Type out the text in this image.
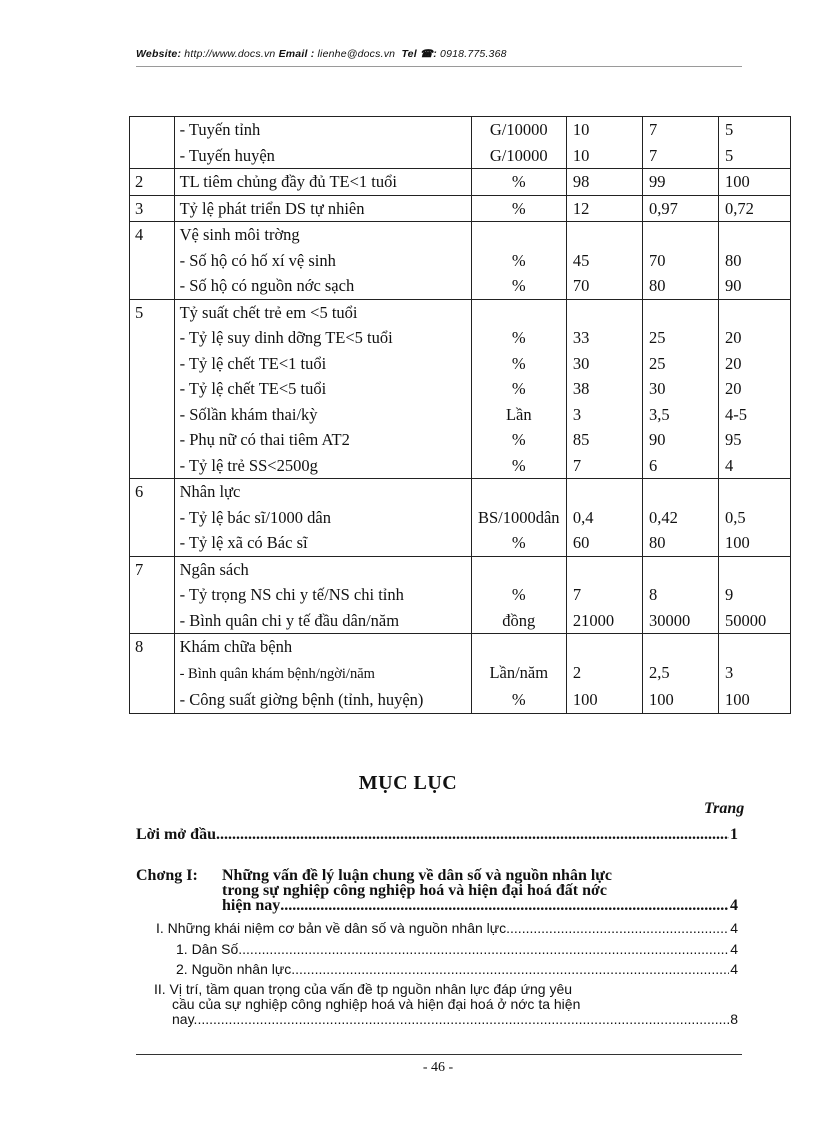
Website: http://www.docs.vn Email : lienhe@docs.vn Tel ☎: 0918.775.368
	- Tuyến tỉnh	G/10000	10	7	5
	- Tuyến huyện	G/10000	10	7	5
2	TL tiêm chủng đầy đủ TE<1 tuổi	%	98	99	100
3	Tỷ lệ phát triển DS tự nhiên	%	12	0,97	0,72
4	Vệ sinh môi trờng				
	- Số hộ có hố xí vệ sinh	%	45	70	80
	- Số hộ có nguồn nớc sạch	%	70	80	90
5	Tỷ suất chết trẻ em <5 tuổi				
	- Tỷ lệ suy dinh dỡng TE<5 tuổi	%	33	25	20
	- Tỷ lệ chết TE<1 tuổi	%	30	25	20
	- Tỷ lệ chết TE<5 tuổi	%	38	30	20
	- Sốlần khám thai/kỳ	Lần	3	3,5	4-5
	- Phụ nữ có thai tiêm AT2	%	85	90	95
	- Tỷ lệ trẻ SS<2500g	%	7	6	4
6	Nhân lực				
	- Tỷ lệ bác sĩ/1000 dân	BS/1000dân	0,4	0,42	0,5
	- Tỷ lệ xã có Bác sĩ	%	60	80	100
7	Ngân sách				
	- Tỷ trọng NS chi y tế/NS chi tỉnh	%	7	8	9
	- Bình quân chi y tế đầu dân/năm	đồng	21000	30000	50000
8	Khám chữa bệnh				
	- Bình quân khám bệnh/ngời/năm	Lần/năm	2	2,5	3
	- Công suất giờng bệnh (tỉnh, huyện)	%	100	100	100
MỤC LỤC
Trang
Lời mở đầu .....	1
Chơng I:	Những vấn đề lý luận chung về dân số và nguồn nhân lực
trong sự nghiệp công nghiệp hoá và hiện đại hoá đất nớc
hiện nay .....	4
I. Những khái niệm cơ bản về dân số và nguồn nhân lực .....	4
1. Dân Số .....	4
2. Nguồn nhân lực .....	4
II. Vị trí, tầm quan trọng của vấn đề tp nguồn nhân lực đáp ứng yêu
cầu của sự nghiệp công nghiệp hoá và hiện đại hoá ở nớc ta hiện
nay. .....	8
- 46 -
